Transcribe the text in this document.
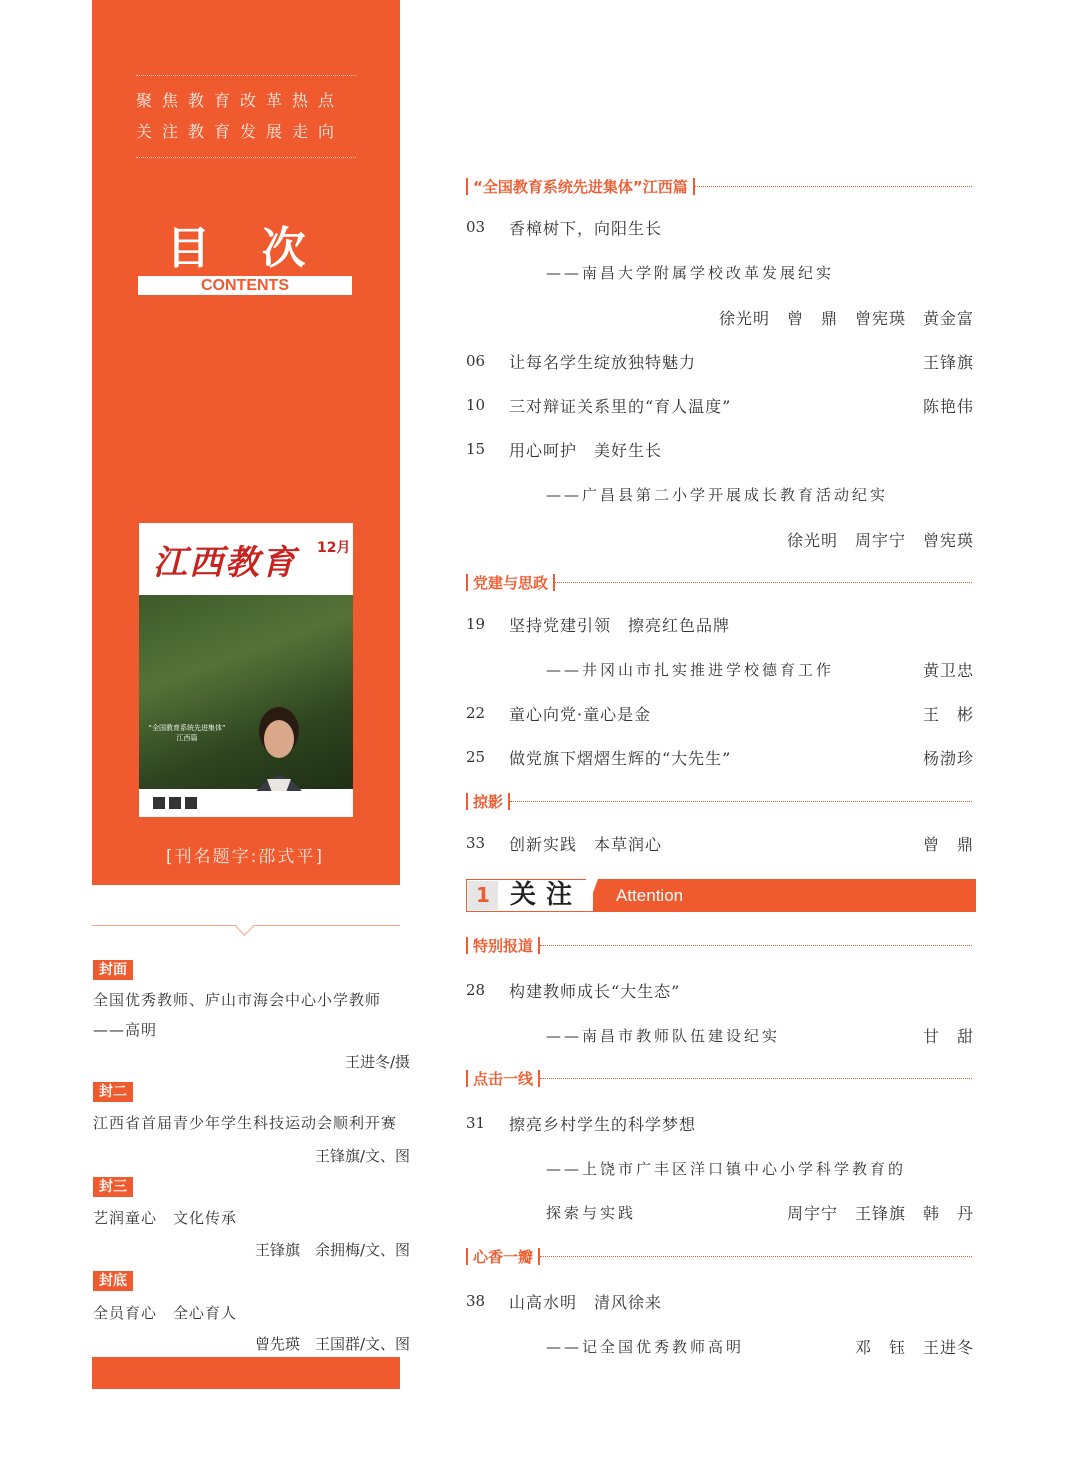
聚焦教育改革热点
关注教育发展走向
目 次
CONTENTS
江西教育 12月
“全国教育系统先进集体”
江西篇
[刊名题字:邵式平]
封面
全国优秀教师、庐山市海会中心小学教师——高明
王进冬/摄
封二
江西省首届青少年学生科技运动会顺利开赛
王锋旗/文、图
封三
艺润童心　文化传承
王锋旗　余拥梅/文、图
封底
全员育心　全心育人
曾先瑛　王国群/文、图
“全国教育系统先进集体”江西篇
03 香樟树下，向阳生长
——南昌大学附属学校改革发展纪实
徐光明　曾　鼎　曾宪瑛　黄金富
06 让每名学生绽放独特魅力	王锋旗
10 三对辩证关系里的“育人温度”	陈艳伟
15 用心呵护　美好生长
——广昌县第二小学开展成长教育活动纪实
徐光明　周宇宁　曾宪瑛
党建与思政
19 坚持党建引领　擦亮红色品牌
——井冈山市扎实推进学校德育工作	黄卫忠
22 童心向党·童心是金	王　彬
25 做党旗下熠熠生辉的“大先生”	杨渤珍
掠影
33 创新实践　本草润心	曾　鼎
1 关注 Attention
特别报道
28 构建教师成长“大生态”
——南昌市教师队伍建设纪实	甘　甜
点击一线
31 擦亮乡村学生的科学梦想
——上饶市广丰区洋口镇中心小学科学教育的
探索与实践	周宇宁　王锋旗　韩　丹
心香一瓣
38 山高水明　清风徐来
——记全国优秀教师高明	邓　钰　王进冬
